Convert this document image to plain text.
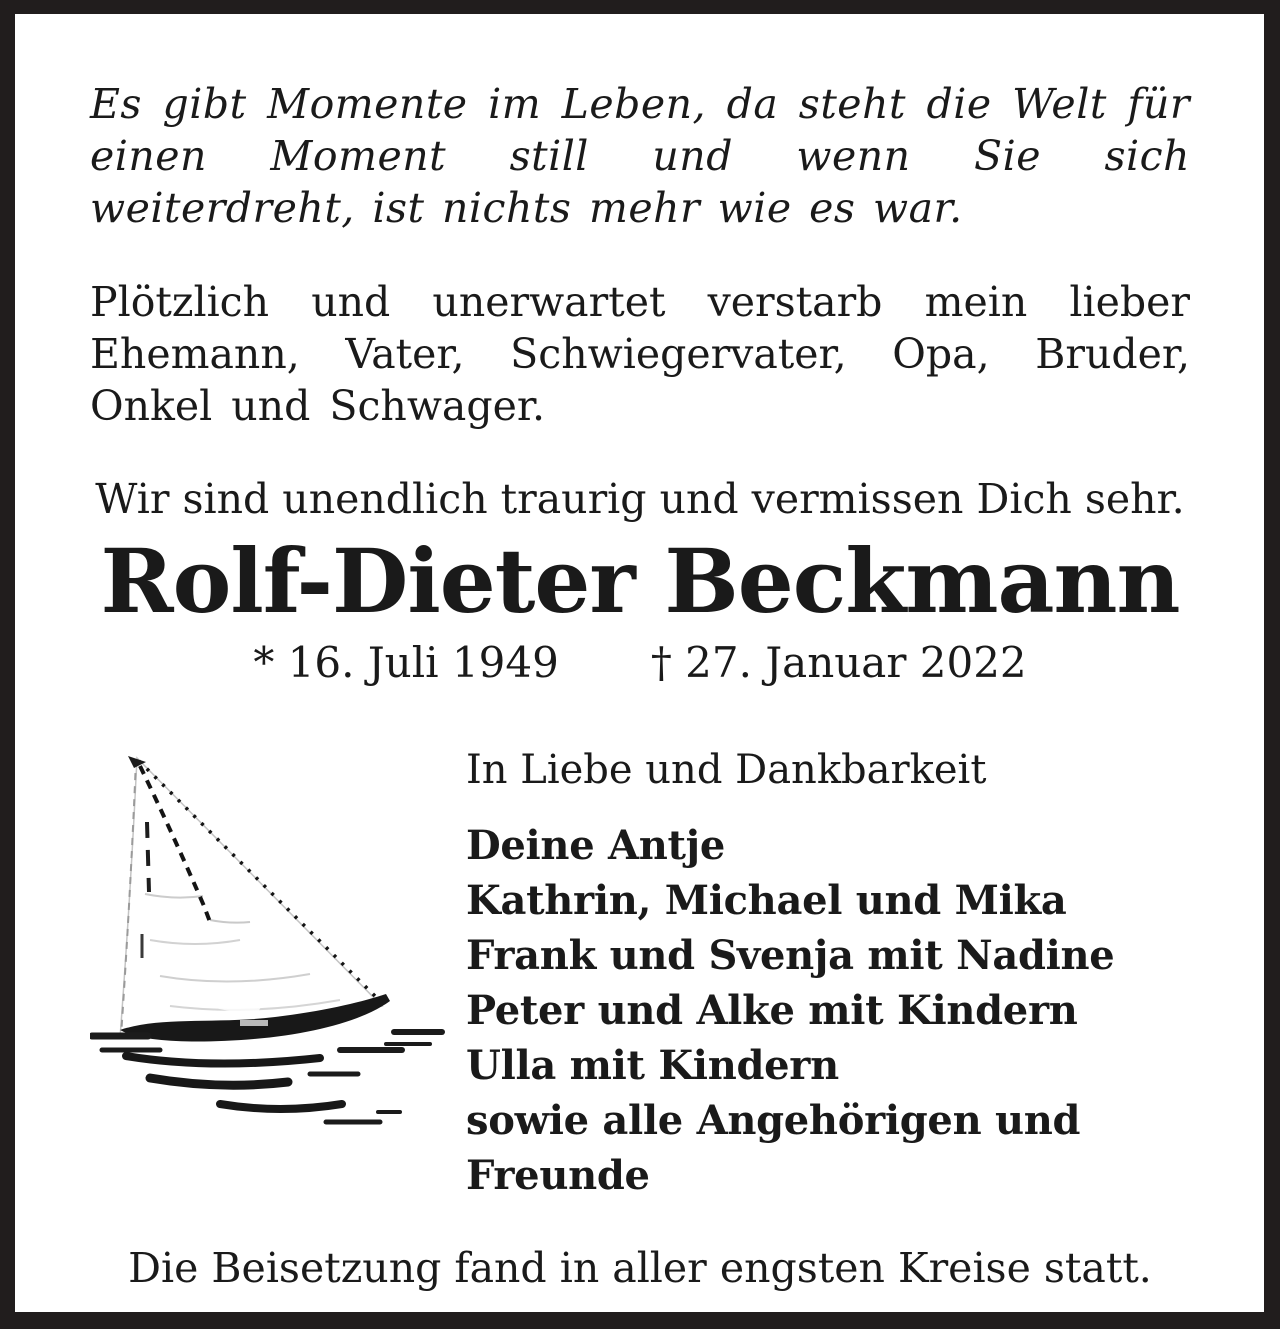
Es gibt Momente im Leben, da steht die Welt für einen Moment still und wenn Sie sich weiterdreht, ist nichts mehr wie es war.

Plötzlich und unerwartet verstarb mein lieber Ehemann, Vater, Schwiegervater, Opa, Bruder, Onkel und Schwager.

Wir sind unendlich traurig und vermissen Dich sehr.

Rolf-Dieter Beckmann
* 16. Juli 1949 † 27. Januar 2022

In Liebe und Dankbarkeit

Deine Antje
Kathrin, Michael und Mika
Frank und Svenja mit Nadine
Peter und Alke mit Kindern
Ulla mit Kindern
sowie alle Angehörigen und Freunde

Die Beisetzung fand in aller engsten Kreise statt.
